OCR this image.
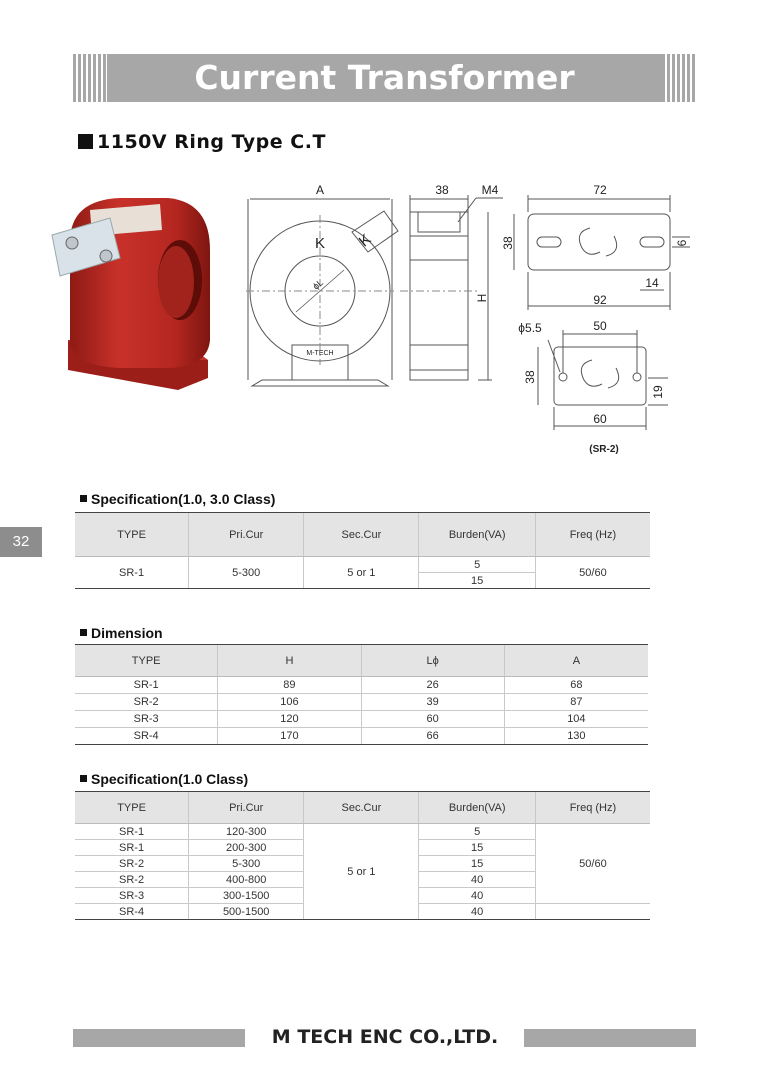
Current Transformer
1150V Ring Type C.T
32
A
K K
ϕL
M-TECH
38	M4
H
72
38	6
14
92
ϕ5.5	50
38
19
60
(SR-2)
Specification(1.0, 3.0 Class)
TYPE	Pri.Cur	Sec.Cur	Burden(VA)	Freq (Hz)
SR-1	5-300	5 or 1	5	50/60
			15	
Dimension
TYPE	H	Lϕ	A
SR-1	89	26	68
SR-2	106	39	87
SR-3	120	60	104
SR-4	170	66	130
Specification(1.0 Class)
TYPE	Pri.Cur	Sec.Cur	Burden(VA)	Freq (Hz)
SR-1	120-300	5 or 1	5	50/60
SR-1	200-300		15	
SR-2	5-300		15	
SR-2	400-800		40	
SR-3	300-1500		40	
SR-4	500-1500		40	
M TECH ENC CO.,LTD.
